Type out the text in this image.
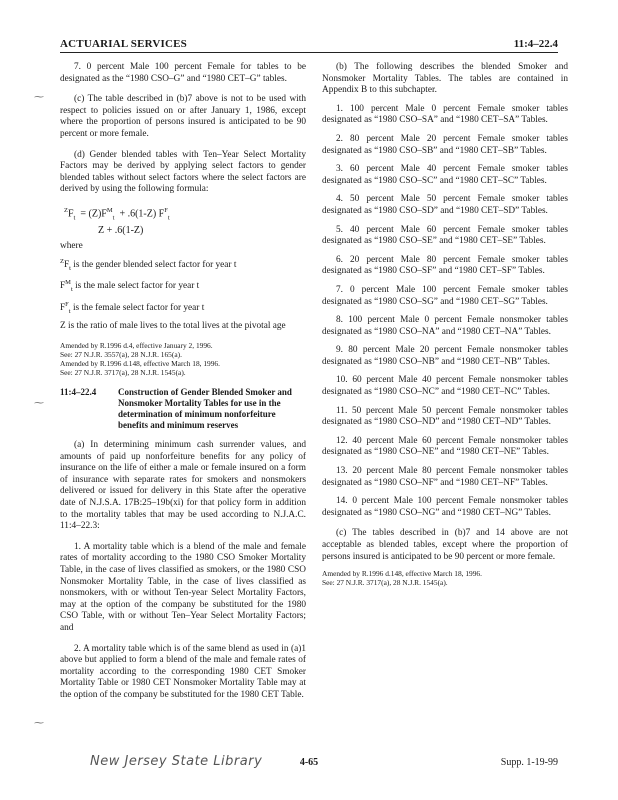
ACTUARIAL SERVICES	11:4–22.4
⁓
⁓
⁓

7. 0 percent Male 100 percent Female for tables to be designated as the “1980 CSO–G” and “1980 CET–G” tables.

(c) The table described in (b)7 above is not to be used with respect to policies issued on or after January 1, 1986, except where the proportion of persons insured is anticipated to be 90 percent or more female.

(d) Gender blended tables with Ten–Year Select Mortality Factors may be derived by applying select factors to gender blended tables without select factors where the select factors are derived by using the following formula:

$^ZF_t = (Z)F^M_t + .6(1-Z)$ $F^F_t$
Z + .6(1-Z)

where

$^ZF_t$ is the gender blended select factor for year t

$F^M_t$ is the male select factor for year t

$F^F_t$ is the female select factor for year t

Z is the ratio of male lives to the total lives at the pivotal age

Amended by R.1996 d.4, effective January 2, 1996.
See: 27 N.J.R. 3557(a), 28 N.J.R. 165(a).
Amended by R.1996 d.148, effective March 18, 1996.
See: 27 N.J.R. 3717(a), 28 N.J.R. 1545(a).
11:4–22.4	Construction of Gender Blended Smoker and Nonsmoker Mortality Tables for use in the determination of minimum nonforfeiture benefits and minimum reserves

(a) In determining minimum cash surrender values, and amounts of paid up nonforfeiture benefits for any policy of insurance on the life of either a male or female insured on a form of insurance with separate rates for smokers and nonsmokers delivered or issued for delivery in this State after the operative date of N.J.S.A. 17B:25–19b(xi) for that policy form in addition to the mortality tables that may be used according to N.J.A.C. 11:4–22.3:

1. A mortality table which is a blend of the male and female rates of mortality according to the 1980 CSO Smoker Mortality Table, in the case of lives classified as smokers, or the 1980 CSO Nonsmoker Mortality Table, in the case of lives classified as nonsmokers, with or without Ten-year Select Mortality Factors, may at the option of the company be substituted for the 1980 CSO Table, with or without Ten–Year Select Mortality Factors; and

2. A mortality table which is of the same blend as used in (a)1 above but applied to form a blend of the male and female rates of mortality according to the corresponding 1980 CET Smoker Mortality Table or 1980 CET Nonsmoker Mortality Table may at the option of the company be substituted for the 1980 CET Table.

(b) The following describes the blended Smoker and Nonsmoker Mortality Tables. The tables are contained in Appendix B to this subchapter.

1. 100 percent Male 0 percent Female smoker tables designated as “1980 CSO–SA” and “1980 CET–SA” Tables.

2. 80 percent Male 20 percent Female smoker tables designated as “1980 CSO–SB” and “1980 CET–SB” Tables.

3. 60 percent Male 40 percent Female smoker tables designated as “1980 CSO–SC” and “1980 CET–SC” Tables.

4. 50 percent Male 50 percent Female smoker tables designated as “1980 CSO–SD” and “1980 CET–SD” Tables.

5. 40 percent Male 60 percent Female smoker tables designated as “1980 CSO–SE” and “1980 CET–SE” Tables.

6. 20 percent Male 80 percent Female smoker tables designated as “1980 CSO–SF” and “1980 CET–SF” Tables.

7. 0 percent Male 100 percent Female smoker tables designated as “1980 CSO–SG” and “1980 CET–SG” Tables.

8. 100 percent Male 0 percent Female nonsmoker tables designated as “1980 CSO–NA” and “1980 CET–NA” Tables.

9. 80 percent Male 20 percent Female nonsmoker tables designated as “1980 CSO–NB” and “1980 CET–NB” Tables.

10. 60 percent Male 40 percent Female nonsmoker tables designated as “1980 CSO–NC” and “1980 CET–NC” Tables.

11. 50 percent Male 50 percent Female nonsmoker tables designated as “1980 CSO–ND” and “1980 CET–ND” Tables.

12. 40 percent Male 60 percent Female nonsmoker tables designated as “1980 CSO–NE” and “1980 CET–NE” Tables.

13. 20 percent Male 80 percent Female nonsmoker tables designated as “1980 CSO–NF” and “1980 CET–NF” Tables.

14. 0 percent Male 100 percent Female nonsmoker tables designated as “1980 CSO–NG” and “1980 CET–NG” Tables.

(c) The tables described in (b)7 and 14 above are not acceptable as blended tables, except where the proportion of persons insured is anticipated to be 90 percent or more female.

Amended by R.1996 d.148, effective March 18, 1996.
See: 27 N.J.R. 3717(a), 28 N.J.R. 1545(a).
New Jersey State Library	4-65	Supp. 1-19-99
